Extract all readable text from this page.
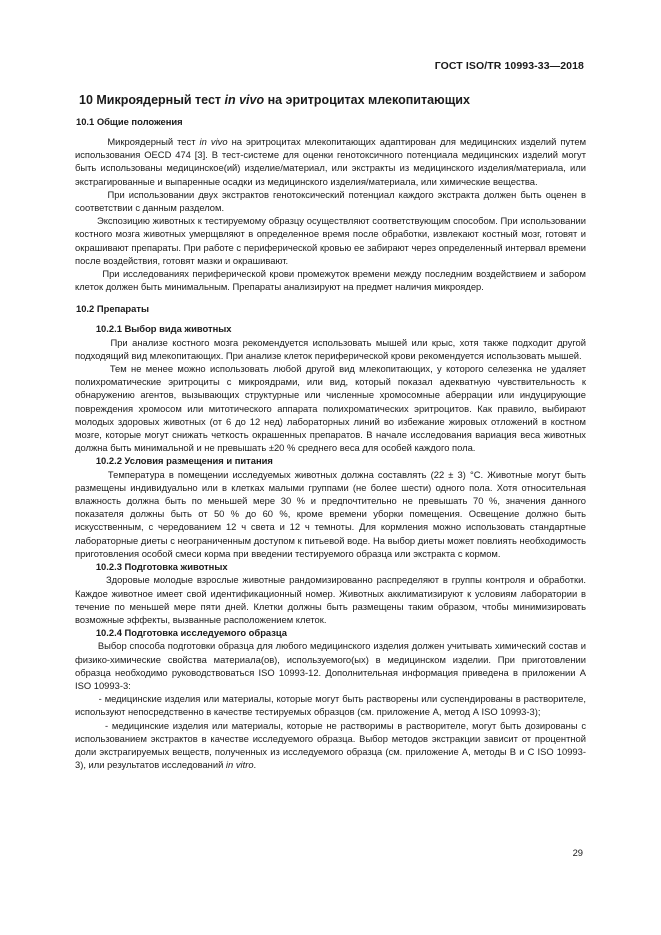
ГОСТ ISO/TR 10993-33—2018
10 Микроядерный тест in vivo на эритроцитах млекопитающих
10.1 Общие положения

Микроядерный тест in vivo на эритроцитах млекопитающих адаптирован для медицинских изделий путем использования OECD 474 [3]. В тест-системе для оценки генотоксичного потенциала медицинских изделий могут быть использованы медицинское(ий) изделие/материал, или экстракты из медицинского изделия/материала, или экстрагированные и выпаренные осадки из медицинского изделия/материала, или химические вещества.

При использовании двух экстрактов генотоксический потенциал каждого экстракта должен быть оценен в соответствии с данным разделом.

Экспозицию животных к тестируемому образцу осуществляют соответствующим способом. При использовании костного мозга животных умерщвляют в определенное время после обработки, извлекают костный мозг, готовят и окрашивают препараты. При работе с периферической кровью ее забирают через определенный интервал времени после воздействия, готовят мазки и окрашивают.

При исследованиях периферической крови промежуток времени между последним воздействием и забором клеток должен быть минимальным. Препараты анализируют на предмет наличия микроядер.

10.2 Препараты
10.2.1 Выбор вида животных

При анализе костного мозга рекомендуется использовать мышей или крыс, хотя также подходит другой подходящий вид млекопитающих. При анализе клеток периферической крови рекомендуется использовать мышей.

Тем не менее можно использовать любой другой вид млекопитающих, у которого селезенка не удаляет полихроматические эритроциты с микроядрами, или вид, который показал адекватную чувствительность к обнаружению агентов, вызывающих структурные или численные хромосомные аберрации или индуцирующие повреждения хромосом или митотического аппарата полихроматических эритроцитов. Как правило, выбирают молодых здоровых животных (от 6 до 12 нед) лабораторных линий во избежание жировых отложений в костном мозге, которые могут снижать четкость окрашенных препаратов. В начале исследования вариация веса животных должна быть минимальной и не превышать ±20 % среднего веса для особей каждого пола.

10.2.2 Условия размещения и питания

Температура в помещении исследуемых животных должна составлять (22 ± 3) °С. Животные могут быть размещены индивидуально или в клетках малыми группами (не более шести) одного пола. Хотя относительная влажность должна быть по меньшей мере 30 % и предпочтительно не превышать 70 %, значения данного показателя должны быть от 50 % до 60 %, кроме времени уборки помещения. Освещение должно быть искусственным, с чередованием 12 ч света и 12 ч темноты. Для кормления можно использовать стандартные лабораторные диеты с неограниченным доступом к питьевой воде. На выбор диеты может повлиять необходимость приготовления особой смеси корма при введении тестируемого образца или экстракта с кормом.

10.2.3 Подготовка животных

Здоровые молодые взрослые животные рандомизированно распределяют в группы контроля и обработки. Каждое животное имеет свой идентификационный номер. Животных акклиматизируют к условиям лаборатории в течение по меньшей мере пяти дней. Клетки должны быть размещены таким образом, чтобы минимизировать возможные эффекты, вызванные расположением клеток.

10.2.4 Подготовка исследуемого образца

Выбор способа подготовки образца для любого медицинского изделия должен учитывать химический состав и физико-химические свойства материала(ов), используемого(ых) в медицинском изделии. При приготовлении образца необходимо руководствоваться ISO 10993-12. Дополнительная информация приведена в приложении А ISO 10993-3:

- медицинские изделия или материалы, которые могут быть растворены или суспендированы в растворителе, используют непосредственно в качестве тестируемых образцов (см. приложение А, метод А ISO 10993-3);

- медицинские изделия или материалы, которые не растворимы в растворителе, могут быть дозированы с использованием экстрактов в качестве исследуемого образца. Выбор методов экстракции зависит от процентной доли экстрагируемых веществ, полученных из исследуемого образца (см. приложение А, методы В и С ISO 10993-3), или результатов исследований in vitro.

29
